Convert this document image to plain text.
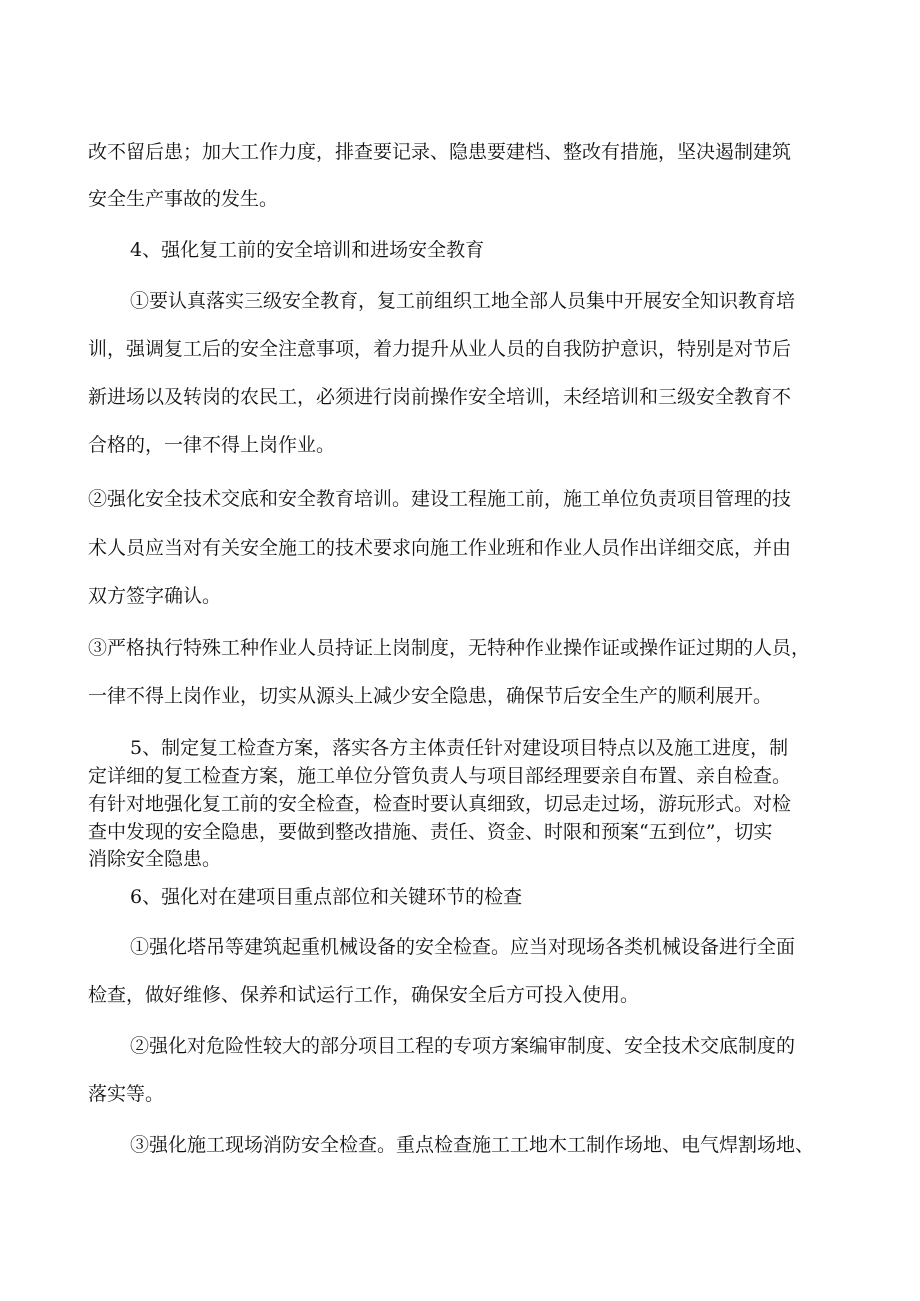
改不留后患；加大工作力度，排查要记录、隐患要建档、整改有措施，坚决遏制建筑
安全生产事故的发生。
4、强化复工前的安全培训和进场安全教育
①要认真落实三级安全教育，复工前组织工地全部人员集中开展安全知识教育培
训，强调复工后的安全注意事项，着力提升从业人员的自我防护意识，特别是对节后
新进场以及转岗的农民工，必须进行岗前操作安全培训，未经培训和三级安全教育不
合格的，一律不得上岗作业。
②强化安全技术交底和安全教育培训。建设工程施工前，施工单位负责项目管理的技
术人员应当对有关安全施工的技术要求向施工作业班和作业人员作出详细交底，并由
双方签字确认。
③严格执行特殊工种作业人员持证上岗制度，无特种作业操作证或操作证过期的人员，
一律不得上岗作业，切实从源头上减少安全隐患，确保节后安全生产的顺利展开。
5、制定复工检查方案，落实各方主体责任针对建设项目特点以及施工进度，制
定详细的复工检查方案，施工单位分管负责人与项目部经理要亲自布置、亲自检查。
有针对地强化复工前的安全检查，检查时要认真细致，切忌走过场，游玩形式。对检
查中发现的安全隐患，要做到整改措施、责任、资金、时限和预案“五到位”，切实
消除安全隐患。
6、强化对在建项目重点部位和关键环节的检查
①强化塔吊等建筑起重机械设备的安全检查。应当对现场各类机械设备进行全面
检查，做好维修、保养和试运行工作，确保安全后方可投入使用。
②强化对危险性较大的部分项目工程的专项方案编审制度、安全技术交底制度的
落实等。
③强化施工现场消防安全检查。重点检查施工工地木工制作场地、电气焊割场地、
